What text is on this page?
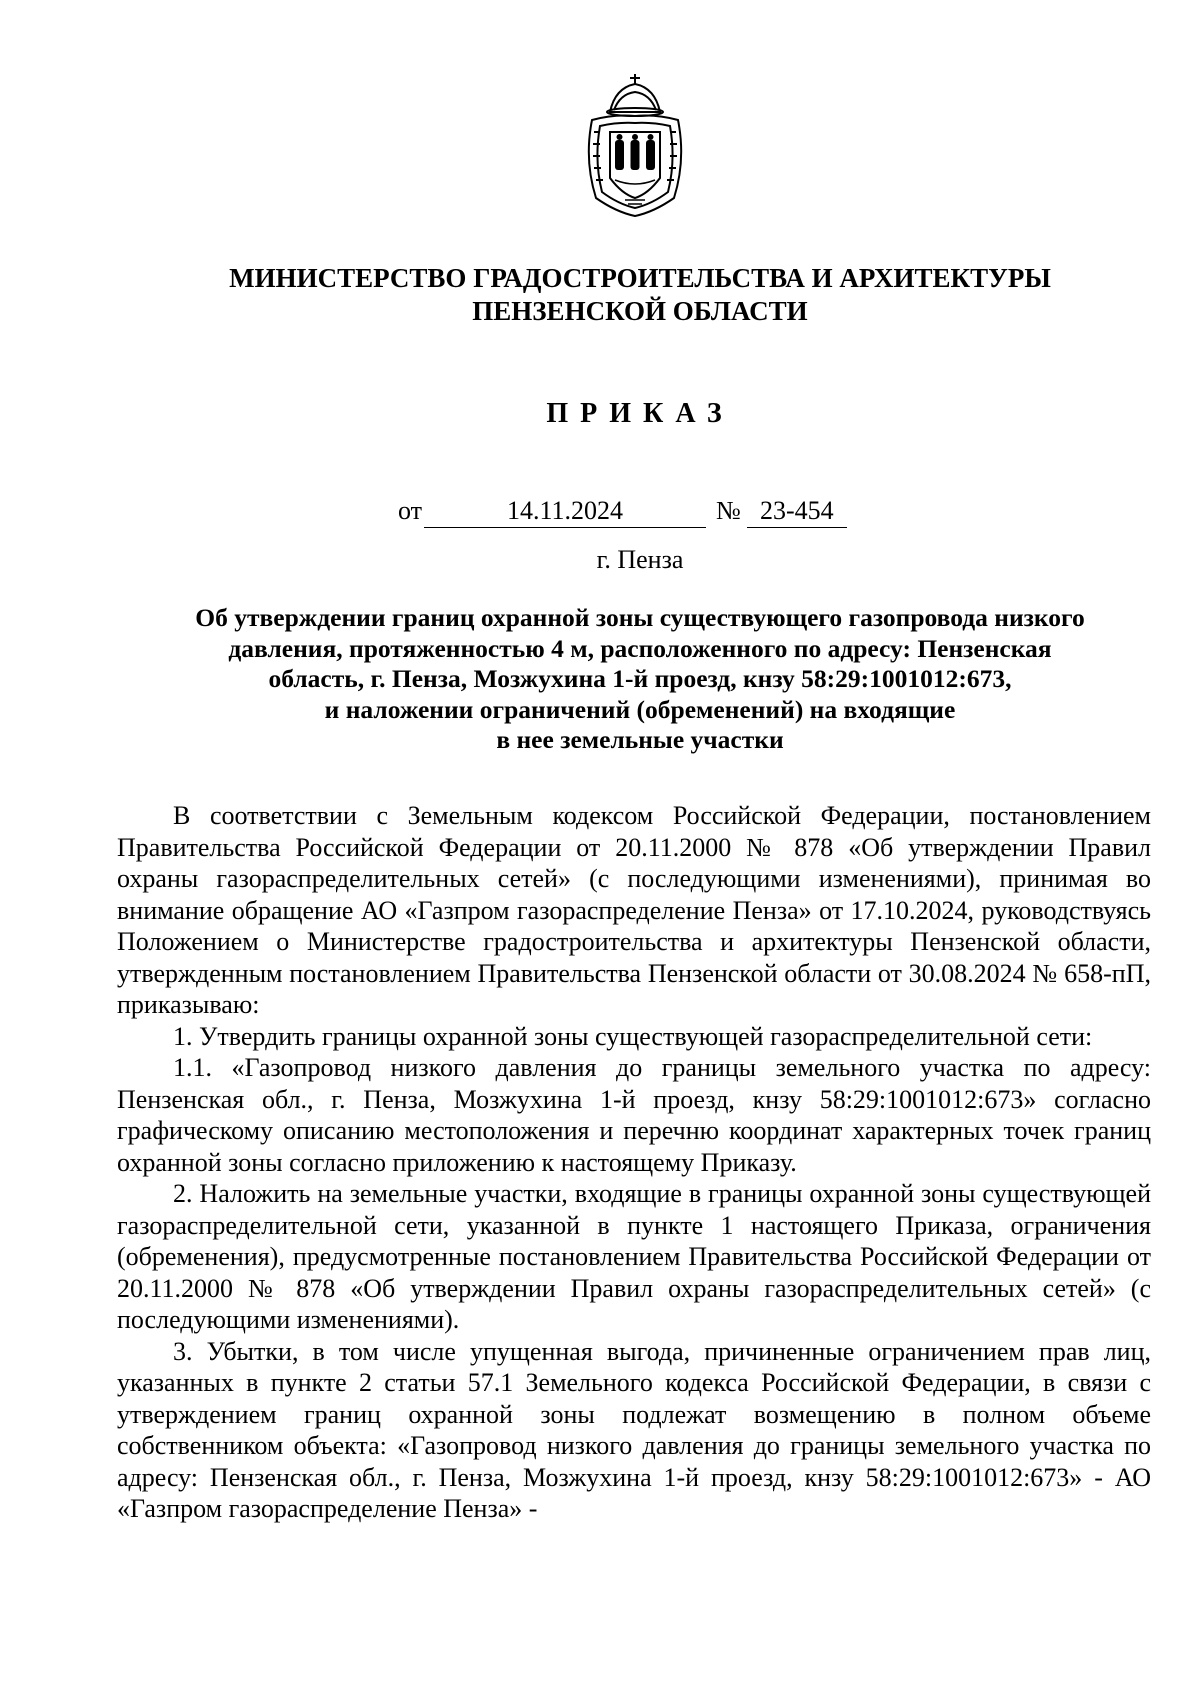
МИНИСТЕРСТВО ГРАДОСТРОИТЕЛЬСТВА И АРХИТЕКТУРЫ
ПЕНЗЕНСКОЙ ОБЛАСТИ
ПРИКАЗ
от	14.11.2024	№ 23-454
г. Пенза
Об утверждении границ охранной зоны существующего газопровода низкого
давления, протяженностью 4 м, расположенного по адресу: Пензенская
область, г. Пенза, Мозжухина 1-й проезд, кнзу 58:29:1001012:673,
и наложении ограничений (обременений) на входящие
в нее земельные участки

В соответствии с Земельным кодексом Российской Федерации, постановлением Правительства Российской Федерации от 20.11.2000 № 878 «Об утверждении Правил охраны газораспределительных сетей» (с последующими изменениями), принимая во внимание обращение АО «Газпром газораспределение Пенза» от 17.10.2024, руководствуясь Положением о Министерстве градостроительства и архитектуры Пензенской области, утвержденным постановлением Правительства Пензенской области от 30.08.2024 № 658-пП, приказываю:

1. Утвердить границы охранной зоны существующей газораспределительной сети:

1.1. «Газопровод низкого давления до границы земельного участка по адресу: Пензенская обл., г. Пенза, Мозжухина 1-й проезд, кнзу 58:29:1001012:673» согласно графическому описанию местоположения и перечню координат характерных точек границ охранной зоны согласно приложению к настоящему Приказу.

2. Наложить на земельные участки, входящие в границы охранной зоны существующей газораспределительной сети, указанной в пункте 1 настоящего Приказа, ограничения (обременения), предусмотренные постановлением Правительства Российской Федерации от 20.11.2000 № 878 «Об утверждении Правил охраны газораспределительных сетей» (с последующими изменениями).

3. Убытки, в том числе упущенная выгода, причиненные ограничением прав лиц, указанных в пункте 2 статьи 57.1 Земельного кодекса Российской Федерации, в связи с утверждением границ охранной зоны подлежат возмещению в полном объеме собственником объекта: «Газопровод низкого давления до границы земельного участка по адресу: Пензенская обл., г. Пенза, Мозжухина 1-й проезд, кнзу 58:29:1001012:673» - АО «Газпром газораспределение Пенза» -
